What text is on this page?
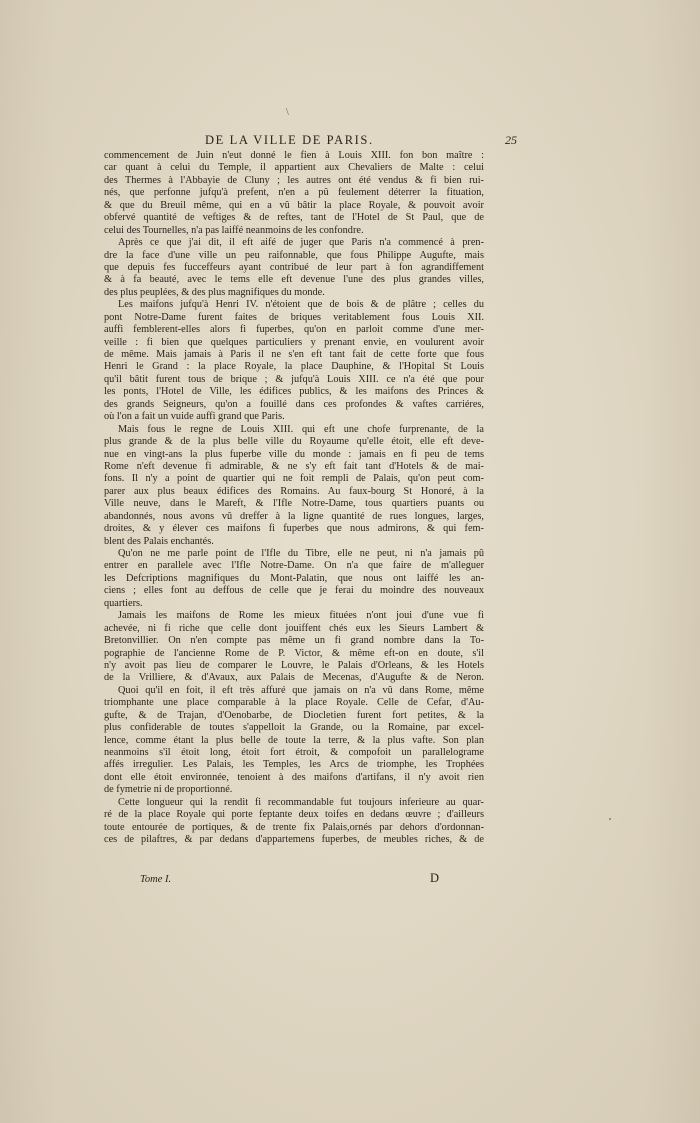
\
DE LA VILLE DE PARIS.	25
commencement de Juin n'eut donné le fien à Louis XIII. fon bon maître :
car quant à celui du Temple, il appartient aux Chevaliers de Malte : celui
des Thermes à l'Abbayie de Cluny ; les autres ont été vendus & fi bien rui-
nés, que perfonne jufqu'à prefent, n'en a pû feulement déterrer la fituation,
& que du Breuil même, qui en a vû bâtir la place Royale, & pouvoit avoir
obfervé quantité de veftiges & de reftes, tant de l'Hotel de St Paul, que de
celui des Tournelles, n'a pas laiffé neanmoins de les confondre.
Après ce que j'ai dit, il eft aifé de juger que Paris n'a commencé à pren-
dre la face d'une ville un peu raifonnable, que fous Philippe Augufte, mais
que depuis fes fucceffeurs ayant contribué de leur part à fon agrandiffement
& à fa beauté, avec le tems elle eft devenue l'une des plus grandes villes,
des plus peuplées, & des plus magnifiques du monde.
Les maifons jufqu'à Henri IV. n'étoient que de bois & de plâtre ; celles du
pont Notre-Dame furent faites de briques veritablement fous Louis XII.
auffi femblerent-elles alors fi fuperbes, qu'on en parloit comme d'une mer-
veille : fi bien que quelques particuliers y prenant envie, en voulurent avoir
de même. Mais jamais à Paris il ne s'en eft tant fait de cette forte que fous
Henri le Grand : la place Royale, la place Dauphine, & l'Hopital St Louis
qu'il bâtit furent tous de brique ; & jufqu'à Louis XIII. ce n'a été que pour
les ponts, l'Hotel de Ville, les édifices publics, & les maifons des Princes &
des grands Seigneurs, qu'on a fouillé dans ces profondes & vaftes carriéres,
où l'on a fait un vuide auffi grand que Paris.
Mais fous le regne de Louis XIII. qui eft une chofe furprenante, de la
plus grande & de la plus belle ville du Royaume qu'elle étoit, elle eft deve-
nue en vingt-ans la plus fuperbe ville du monde : jamais en fi peu de tems
Rome n'eft devenue fi admirable, & ne s'y eft fait tant d'Hotels & de mai-
fons. Il n'y a point de quartier qui ne foit rempli de Palais, qu'on peut com-
parer aux plus beaux édifices des Romains. Au faux-bourg St Honoré, à la
Ville neuve, dans le Mareft, & l'Ifle Notre-Dame, tous quartiers puants ou
abandonnés, nous avons vû dreffer à la ligne quantité de rues longues, larges,
droites, & y élever ces maifons fi fuperbes que nous admirons, & qui fem-
blent des Palais enchantés.
Qu'on ne me parle point de l'Ifle du Tibre, elle ne peut, ni n'a jamais pû
entrer en parallele avec l'Ifle Notre-Dame. On n'a que faire de m'alleguer
les Defcriptions magnifiques du Mont-Palatin, que nous ont laiffé les an-
ciens ; elles font au deffous de celle que je ferai du moindre des nouveaux
quartiers.
Jamais les maifons de Rome les mieux fituées n'ont joui d'une vue fi
achevée, ni fi riche que celle dont jouiffent chés eux les Sieurs Lambert &
Bretonvillier. On n'en compte pas même un fi grand nombre dans la To-
pographie de l'ancienne Rome de P. Victor, & même eft-on en doute, s'il
n'y avoit pas lieu de comparer le Louvre, le Palais d'Orleans, & les Hotels
de la Vrilliere, & d'Avaux, aux Palais de Mecenas, d'Augufte & de Neron.
Quoi qu'il en foit, il eft très affuré que jamais on n'a vû dans Rome, même
triomphante une place comparable à la place Royale. Celle de Cefar, d'Au-
gufte, & de Trajan, d'Oenobarbe, de Diocletien furent fort petites, & la
plus confiderable de toutes s'appelloit la Grande, ou la Romaine, par excel-
lence, comme étant la plus belle de toute la terre, & la plus vafte. Son plan
neanmoins s'il étoit long, étoit fort étroit, & compofoit un parallelograme
affés irregulier. Les Palais, les Temples, les Arcs de triomphe, les Trophées
dont elle étoit environnée, tenoient à des maifons d'artifans, il n'y avoit rien
de fymetrie ni de proportionné.
Cette longueur qui la rendit fi recommandable fut toujours inferieure au quar-
ré de la place Royale qui porte feptante deux toifes en dedans œuvre ; d'ailleurs
toute entourée de portiques, & de trente fix Palais,ornés par dehors d'ordonnan-
ces de pilaftres, & par dedans d'appartemens fuperbes, de meubles riches, & de
Tome I.	D
